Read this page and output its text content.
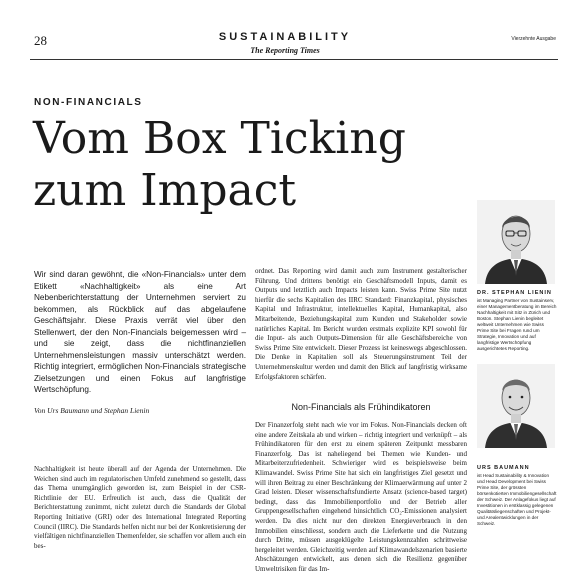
28	SUSTAINABILITY
The Reporting Times
Vierzehnte Ausgabe
NON-FINANCIALS
Vom Box Ticking
zum Impact

Wir sind daran gewöhnt, die «Non-Financials» unter dem Etikett «Nachhaltigkeit» als eine Art Nebenberichterstattung der Unternehmen serviert zu bekommen, als Rückblick auf das abgelaufene Geschäftsjahr. Diese Praxis verrät viel über den Stellenwert, der den Non-Financials beigemessen wird – und sie zeigt, dass die nichtfinanziellen Unternehmensleistungen massiv unterschätzt werden. Richtig integriert, ermöglichen Non-Financials strategische Zielsetzungen und einen Fokus auf langfristige Wertschöpfung.

Von Urs Baumann und Stephan Lienin

Nachhaltigkeit ist heute überall auf der Agenda der Unternehmen. Die Weichen sind auch im regulatorischen Umfeld zunehmend so gestellt, dass das Thema unumgänglich geworden ist, zum Beispiel in der CSR-Richtlinie der EU. Erfreulich ist auch, dass die Qualität der Berichterstattung zunimmt, nicht zuletzt durch die Standards der Global Reporting Initiative (GRI) oder des International Integrated Reporting Council (IIRC). Die Standards helfen nicht nur bei der Konkretisierung der vielfältigen nichtfinanziellen Themenfelder, sie schaffen vor allem auch ein bes-

ordnet. Das Reporting wird damit auch zum Instrument gestalterischer Führung. Und drittens benötigt ein Geschäftsmodell Inputs, damit es Outputs und letztlich auch Impacts leisten kann. Swiss Prime Site nutzt hierfür die sechs Kapitalien des IIRC Standard: Finanzkapital, physisches Kapital und Infrastruktur, intellektuelles Kapital, Humankapital, also Mitarbeitende, Beziehungskapital zum Kunden und Stakeholder sowie natürliches Kapital. Im Bericht wurden erstmals explizite KPI sowohl für die Input- als auch Outputs-Dimension für alle Geschäftsbereiche von Swiss Prime Site entwickelt. Dieser Prozess ist keineswegs abgeschlossen. Die Denke in Kapitalien soll als Steuerungsinstrument Teil der Unternehmenskultur werden und damit den Blick auf langfristig wirksame Erfolgsfaktoren schärfen.

Non-Financials als Frühindikatoren

Der Finanzerfolg steht nach wie vor im Fokus. Non-Financials decken oft eine andere Zeitskala ab und wirken – richtig integriert und verknüpft – als Frühindikatoren für den erst zu einem späteren Zeitpunkt messbaren Finanzerfolg. Das ist naheliegend bei Themen wie Kunden- und Mitarbeiterzufriedenheit. Schwieriger wird es beispielsweise beim Klimawandel. Swiss Prime Site hat sich ein langfristiges Ziel gesetzt und will ihren Beitrag zu einer Beschränkung der Klimaerwärmung auf unter 2 Grad leisten. Dieser wissenschaftsfundierte Ansatz (science-based target) bedingt, dass das Immobilienportfolio und der Betrieb aller Gruppengesellschaften eingehend hinsichtlich CO₂-Emissionen analysiert werden. Da dies nicht nur den direkten Energieverbrauch in den Immobilien einschliesst, sondern auch die Lieferkette und die Nutzung durch Dritte, müssen ausgeklügelte Leistungskennzahlen schrittweise hergeleitet werden. Gleichzeitig werden auf Klimawandelszenarien basierte Abschätzungen entwickelt, aus denen sich die Resilienz gegenüber Umweltrisiken für das Im-

DR. STEPHAN LIENIN
ist Managing Partner von Sustainserv, einer Managementberatung im Bereich Nachhaltigkeit mit Sitz in Zürich und Boston. Stephan Lienin begleitet weltweit Unternehmen wie Swiss Prime Site bei Fragen rund um Strategie, Innovation und auf langfristige Wertschöpfung ausgerichtetes Reporting.
URS BAUMANN
ist Head Sustainability & Innovation und Head Development bei Swiss Prime Site, der grössten börsenkotierten Immobiliengesellschaft der Schweiz. Der Anlagefokus liegt auf Investitionen in erstklassig gelegenen Qualitätsliegenschaften und Projekt- und Arealentwicklungen in der Schweiz.
